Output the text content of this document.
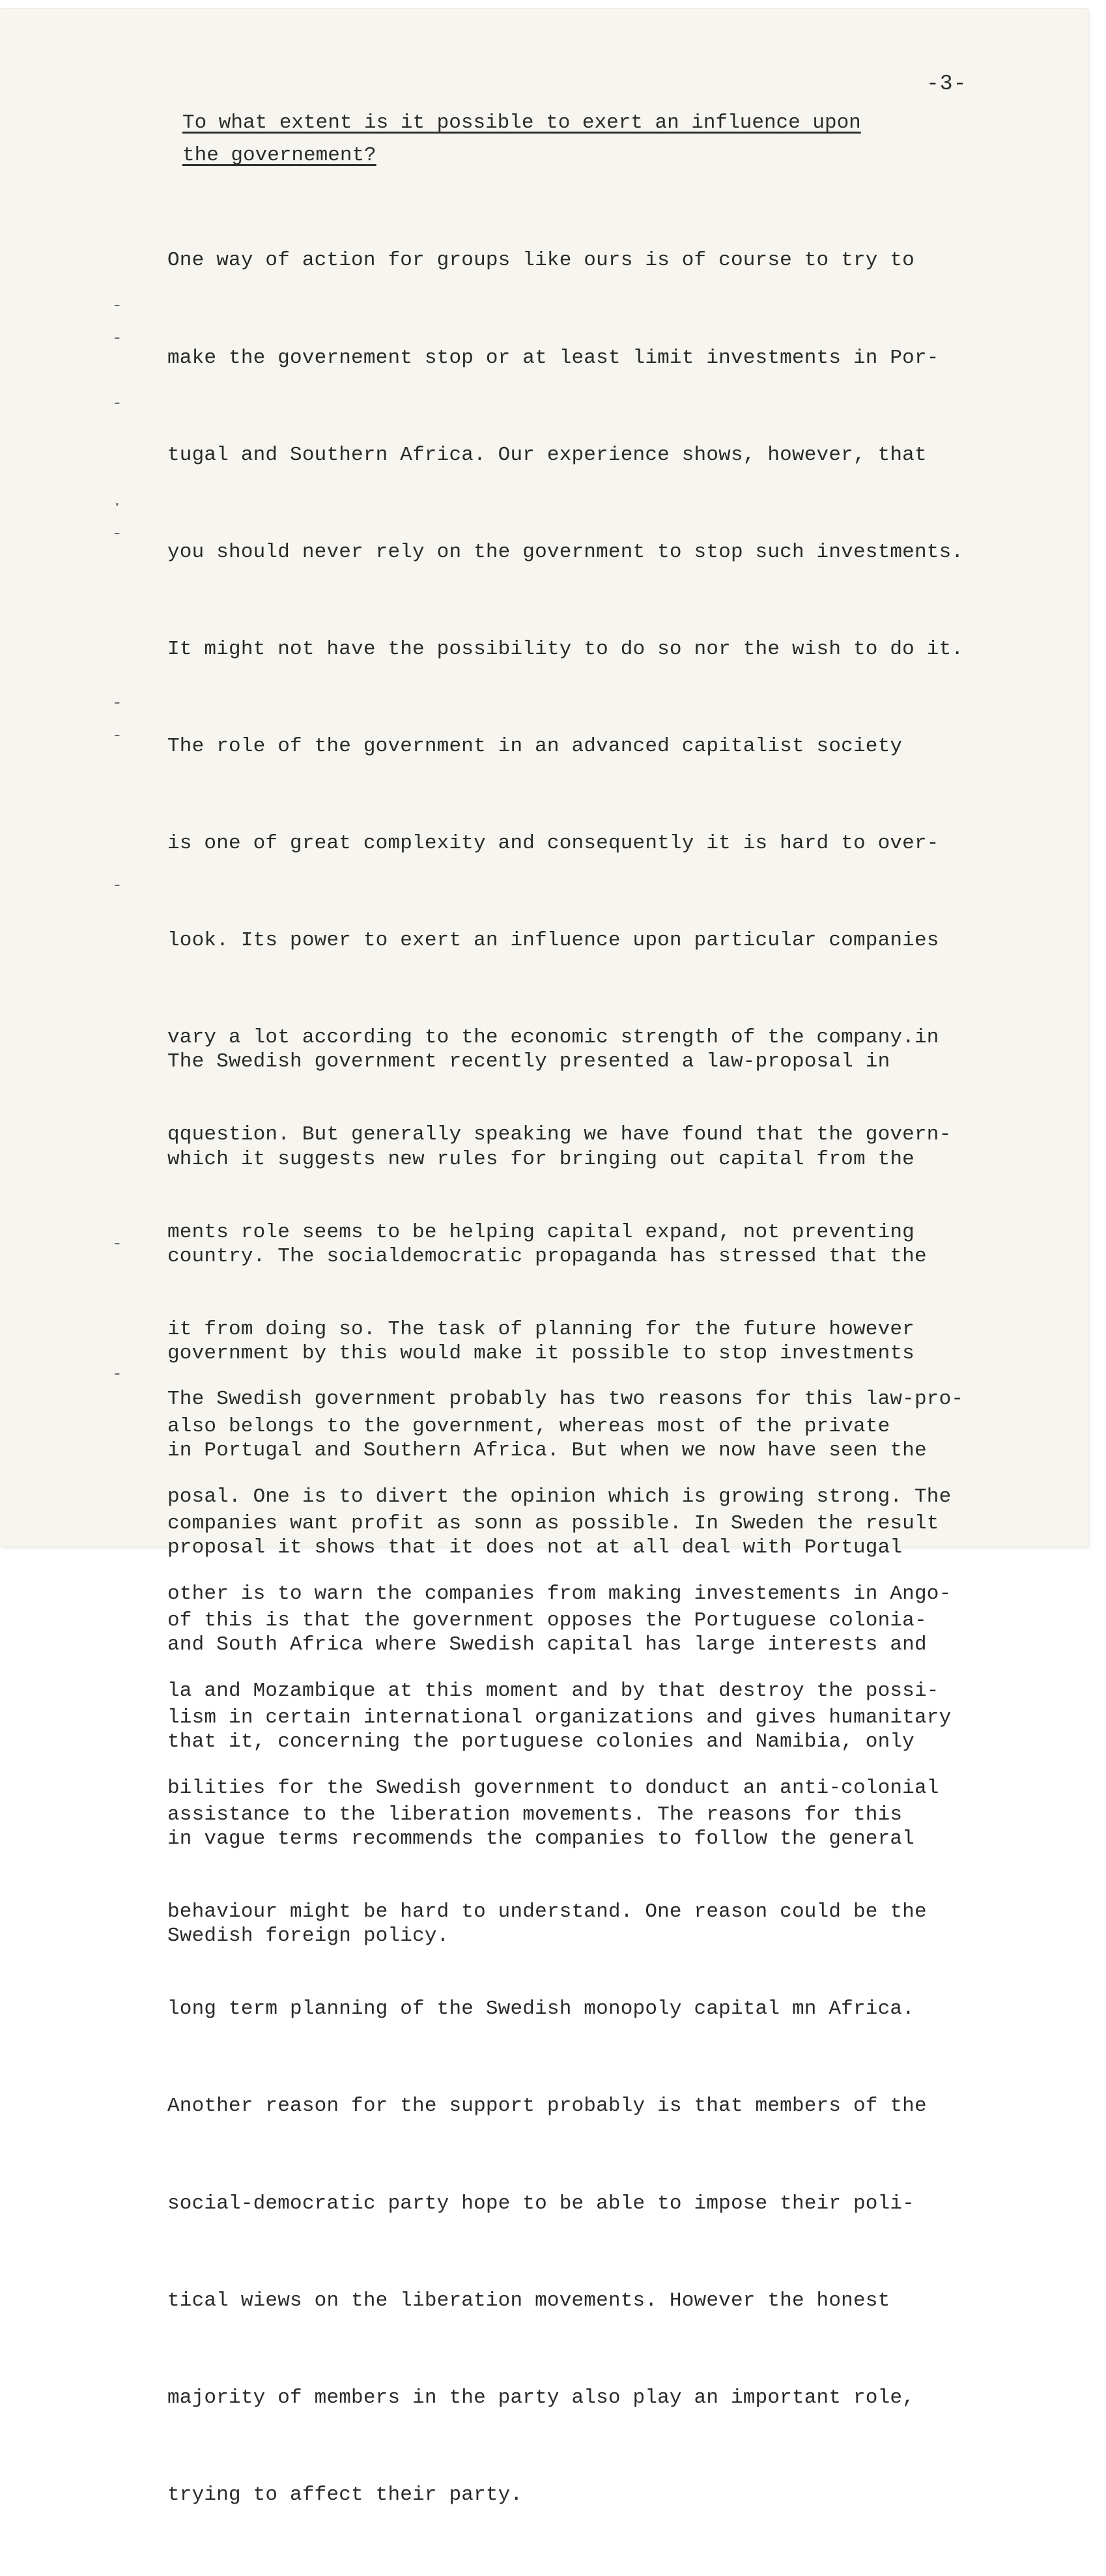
-3-
To what extent is it possible to exert an influence upon
the governement?

One way of action for groups like ours is of course to try to

make the governement stop or at least limit investments in Por-

tugal and Southern Africa. Our experience shows, however, that

you should never rely on the government to stop such investments.

It might not have the possibility to do so nor the wish to do it.

The role of the government in an advanced capitalist society

is one of great complexity and consequently it is hard to over-

look. Its power to exert an influence upon particular companies

vary a lot according to the economic strength of the company.in

qquestion. But generally speaking we have found that the govern-

ments role seems to be helping capital expand, not preventing

it from doing so. The task of planning for the future however

also belongs to the government, whereas most of the private

companies want profit as sonn as possible. In Sweden the result

of this is that the government opposes the Portuguese colonia-

lism in certain international organizations and gives humanitary

assistance to the liberation movements. The reasons for this

behaviour might be hard to understand. One reason could be the

long term planning of the Swedish monopoly capital mn Africa.

Another reason for the support probably is that members of the

social-democratic party hope to be able to impose their poli-

tical wiews on the liberation movements. However the honest

majority of members in the party also play an important role,

trying to affect their party.

The Swedish government recently presented a law-proposal in

which it suggests new rules for bringing out capital from the

country. The socialdemocratic propaganda has stressed that the

government by this would make it possible to stop investments

in Portugal and Southern Africa. But when we now have seen the

proposal it shows that it does not at all deal with Portugal

and South Africa where Swedish capital has large interests and

that it, concerning the portuguese colonies and Namibia, only

in vague terms recommends the companies to follow the general

Swedish foreign policy.

The Swedish government probably has two reasons for this law-pro-

posal. One is to divert the opinion which is growing strong. The

other is to warn the companies from making investements in Ango-

la and Mozambique at this moment and by that destroy the possi-

bilities for the Swedish government to donduct an anti-colonial

-
-
-
.
-
-
-
-
-
-
